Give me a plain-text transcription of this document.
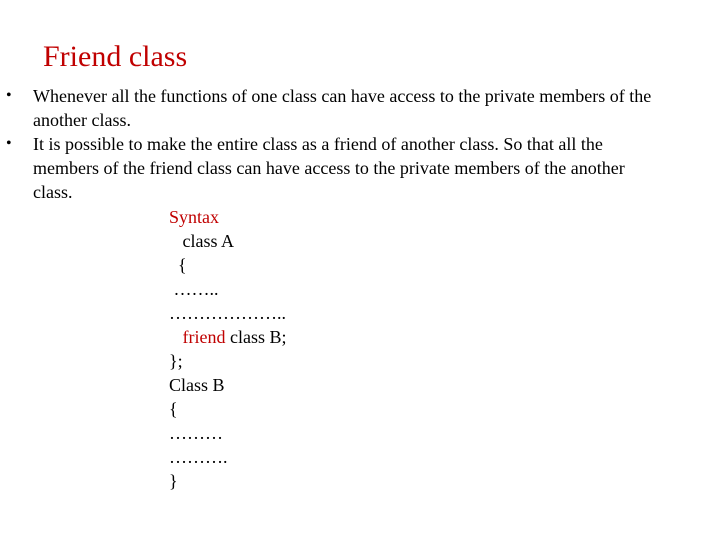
Friend class
• Whenever all the functions of one class can have access to the private members of the another class.
• It is possible to make the entire class as a friend of another class. So that all the members of the friend class can have access to the private members of the another class.
Syntax
class A
{
……..
………………..
friend class B;
};
Class B
{
………
……….
}
